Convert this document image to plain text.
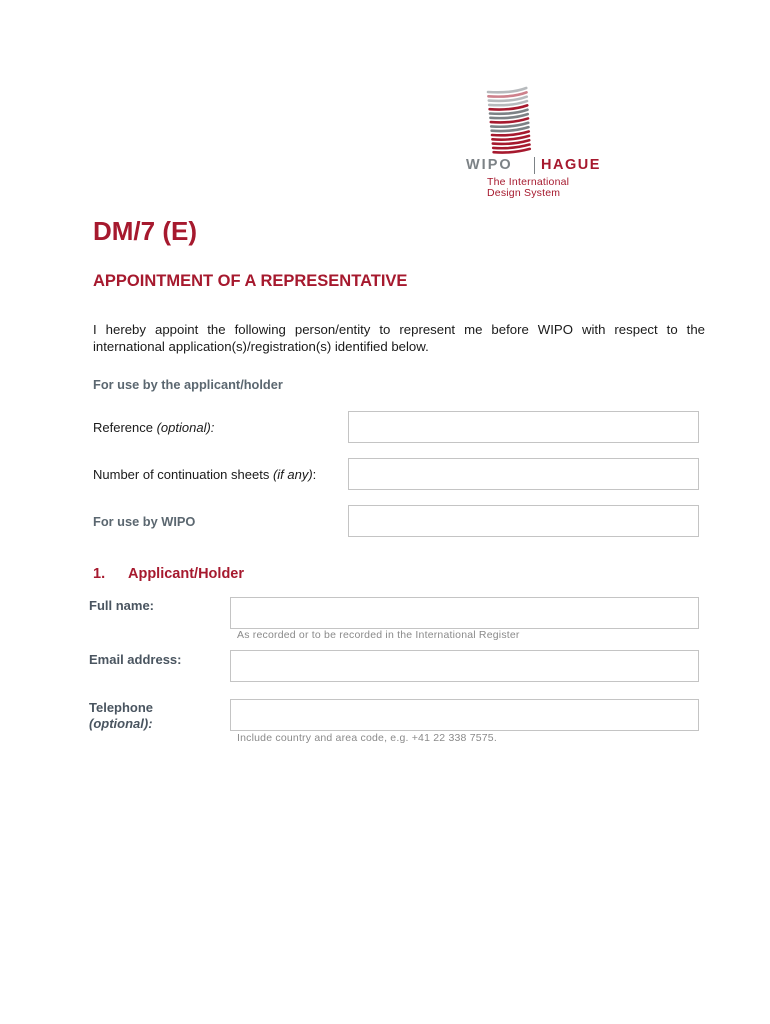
WIPO HAGUE
The International
Design System
DM/7 (E)
APPOINTMENT OF A REPRESENTATIVE
I hereby appoint the following person/entity to represent me before WIPO with respect to the international application(s)/registration(s) identified below.
For use by the applicant/holder
Reference (optional):
Number of continuation sheets (if any):
For use by WIPO
1. Applicant/Holder
Full name:
As recorded or to be recorded in the International Register
Email address:
Telephone
(optional):
Include country and area code, e.g. +41 22 338 7575.
